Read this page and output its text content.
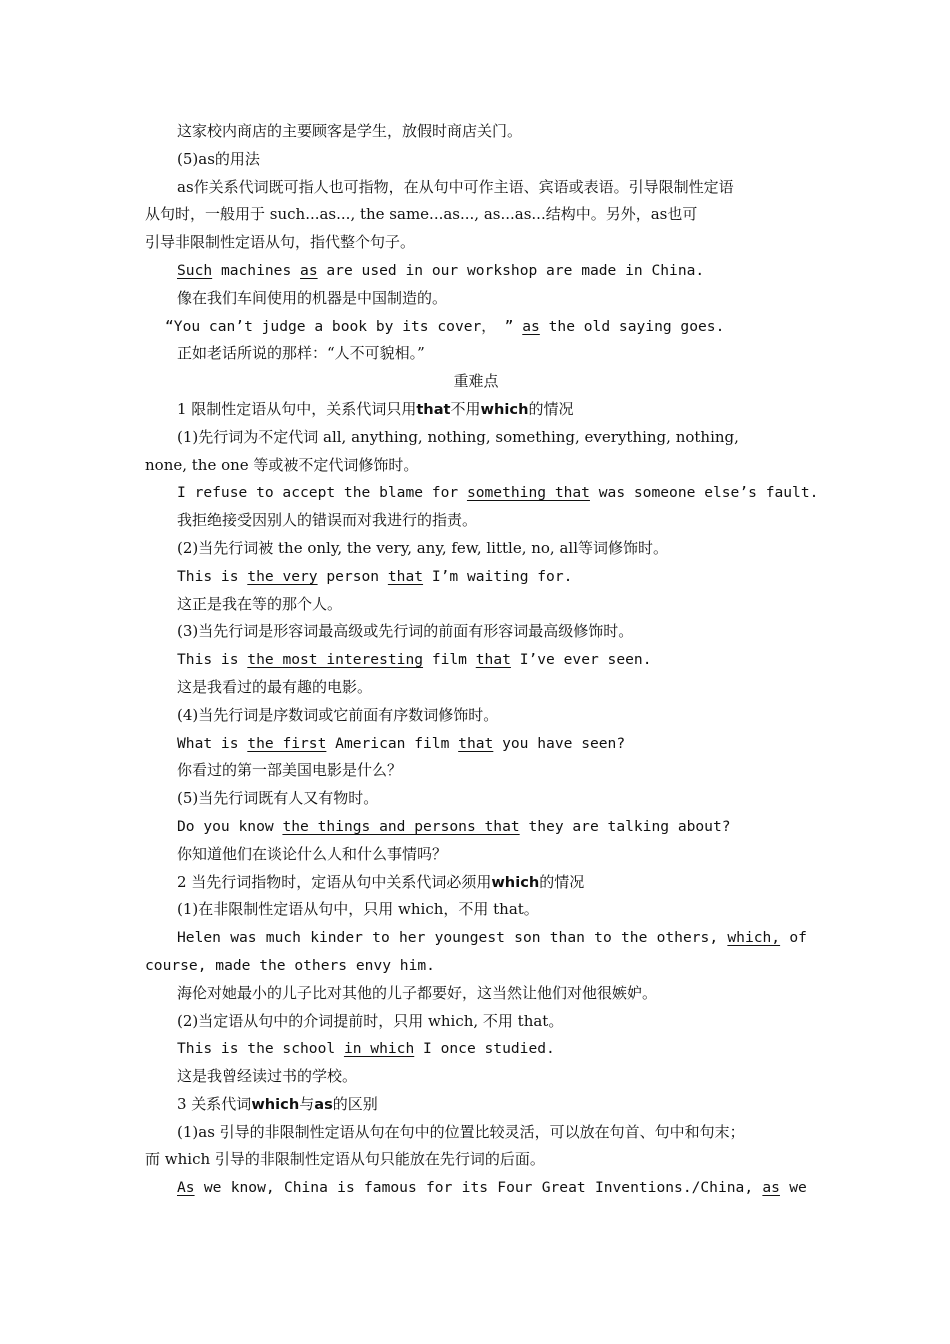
这家校内商店的主要顾客是学生，放假时商店关门。
(5)as的用法
as作关系代词既可指人也可指物，在从句中可作主语、宾语或表语。引导限制性定语
从句时，一般用于 such...as..., the same...as..., as...as...结构中。另外，as也可
引导非限制性定语从句，指代整个句子。
Such machines as are used in our workshop are made in China.
像在我们车间使用的机器是中国制造的。
“You can’t judge a book by its cover， ” as the old saying goes.
正如老话所说的那样：“人不可貌相。”
重难点
1 限制性定语从句中，关系代词只用that不用which的情况
(1)先行词为不定代词 all, anything, nothing, something, everything, nothing,
none, the one 等或被不定代词修饰时。
I refuse to accept the blame for something that was someone else’s fault.
我拒绝接受因别人的错误而对我进行的指责。
(2)当先行词被 the only, the very, any, few, little, no, all等词修饰时。
This is the very person that I’m waiting for.
这正是我在等的那个人。
(3)当先行词是形容词最高级或先行词的前面有形容词最高级修饰时。
This is the most interesting film that I’ve ever seen.
这是我看过的最有趣的电影。
(4)当先行词是序数词或它前面有序数词修饰时。
What is the first American film that you have seen?
你看过的第一部美国电影是什么？
(5)当先行词既有人又有物时。
Do you know the things and persons that they are talking about?
你知道他们在谈论什么人和什么事情吗？
2 当先行词指物时，定语从句中关系代词必须用which的情况
(1)在非限制性定语从句中，只用 which，不用 that。
Helen was much kinder to her youngest son than to the others, which, of
course, made the others envy him.
海伦对她最小的儿子比对其他的儿子都要好，这当然让他们对他很嫉妒。
(2)当定语从句中的介词提前时，只用 which, 不用 that。
This is the school in which I once studied.
这是我曾经读过书的学校。
3 关系代词which与as的区别
(1)as 引导的非限制性定语从句在句中的位置比较灵活，可以放在句首、句中和句末；
而 which 引导的非限制性定语从句只能放在先行词的后面。
As we know, China is famous for its Four Great Inventions./China, as we
